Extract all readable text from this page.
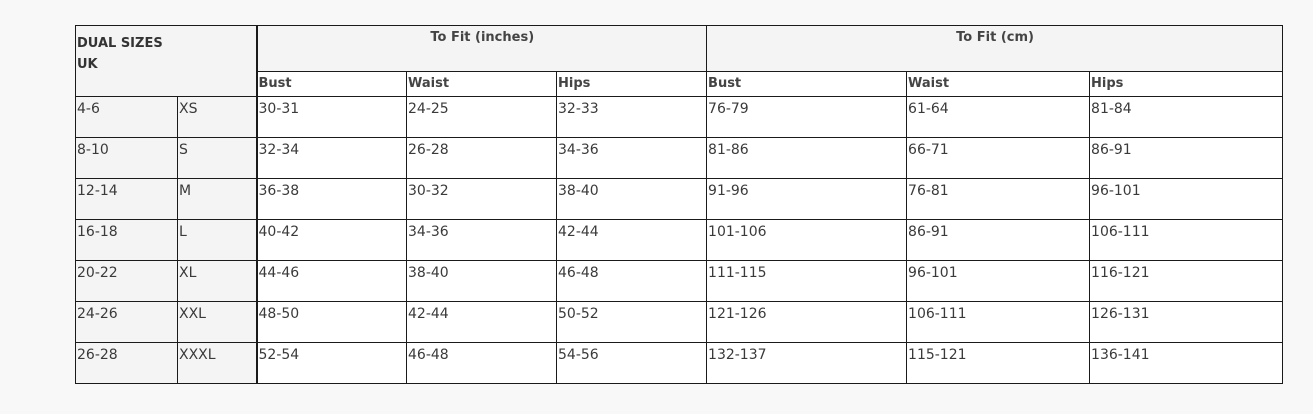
DUAL SIZES
UK		To Fit (inches)			To Fit (cm)		
		Bust	Waist	Hips	Bust	Waist	Hips
4-6	XS	30-31	24-25	32-33	76-79	61-64	81-84
8-10	S	32-34	26-28	34-36	81-86	66-71	86-91
12-14	M	36-38	30-32	38-40	91-96	76-81	96-101
16-18	L	40-42	34-36	42-44	101-106	86-91	106-111
20-22	XL	44-46	38-40	46-48	111-115	96-101	116-121
24-26	XXL	48-50	42-44	50-52	121-126	106-111	126-131
26-28	XXXL	52-54	46-48	54-56	132-137	115-121	136-141
